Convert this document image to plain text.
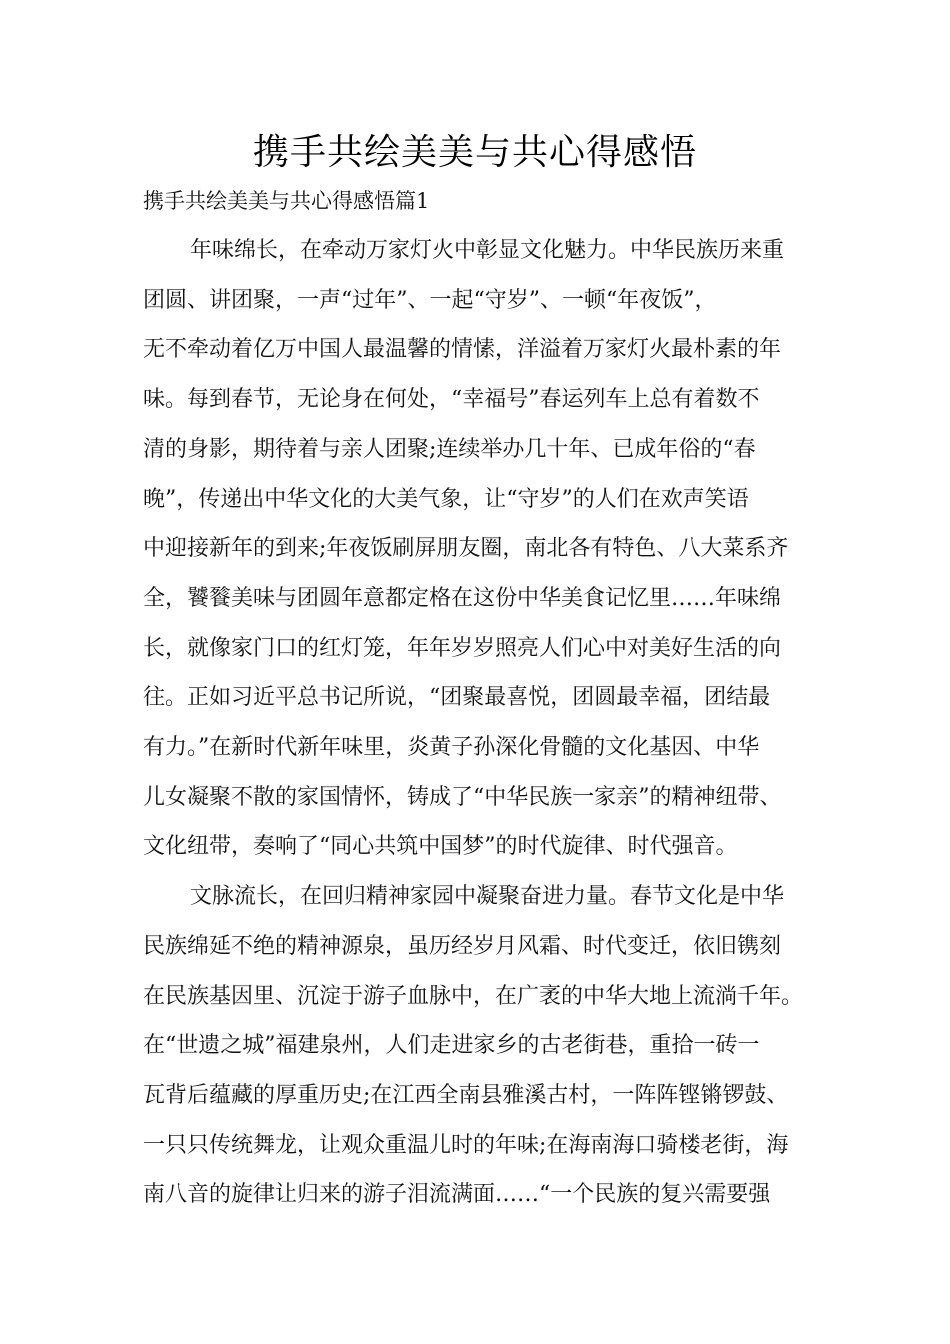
携手共绘美美与共心得感悟

携手共绘美美与共心得感悟篇1

年味绵长，在牵动万家灯火中彰显文化魅力。中华民族历来重
团圆、讲团聚，一声“过年”、一起“守岁”、一顿“年夜饭”，
无不牵动着亿万中国人最温馨的情愫，洋溢着万家灯火最朴素的年
味。每到春节，无论身在何处，“幸福号”春运列车上总有着数不
清的身影，期待着与亲人团聚;连续举办几十年、已成年俗的“春
晚”，传递出中华文化的大美气象，让“守岁”的人们在欢声笑语
中迎接新年的到来;年夜饭刷屏朋友圈，南北各有特色、八大菜系齐
全，饕餮美味与团圆年意都定格在这份中华美食记忆里……年味绵
长，就像家门口的红灯笼，年年岁岁照亮人们心中对美好生活的向
往。正如习近平总书记所说，“团聚最喜悦，团圆最幸福，团结最
有力。”在新时代新年味里，炎黄子孙深化骨髓的文化基因、中华
儿女凝聚不散的家国情怀，铸成了“中华民族一家亲”的精神纽带、
文化纽带，奏响了“同心共筑中国梦”的时代旋律、时代强音。
文脉流长，在回归精神家园中凝聚奋进力量。春节文化是中华
民族绵延不绝的精神源泉，虽历经岁月风霜、时代变迁，依旧镌刻
在民族基因里、沉淀于游子血脉中，在广袤的中华大地上流淌千年。
在“世遗之城”福建泉州，人们走进家乡的古老街巷，重拾一砖一
瓦背后蕴藏的厚重历史;在江西全南县雅溪古村，一阵阵铿锵锣鼓、
一只只传统舞龙，让观众重温儿时的年味;在海南海口骑楼老街，海
南八音的旋律让归来的游子泪流满面……“一个民族的复兴需要强
